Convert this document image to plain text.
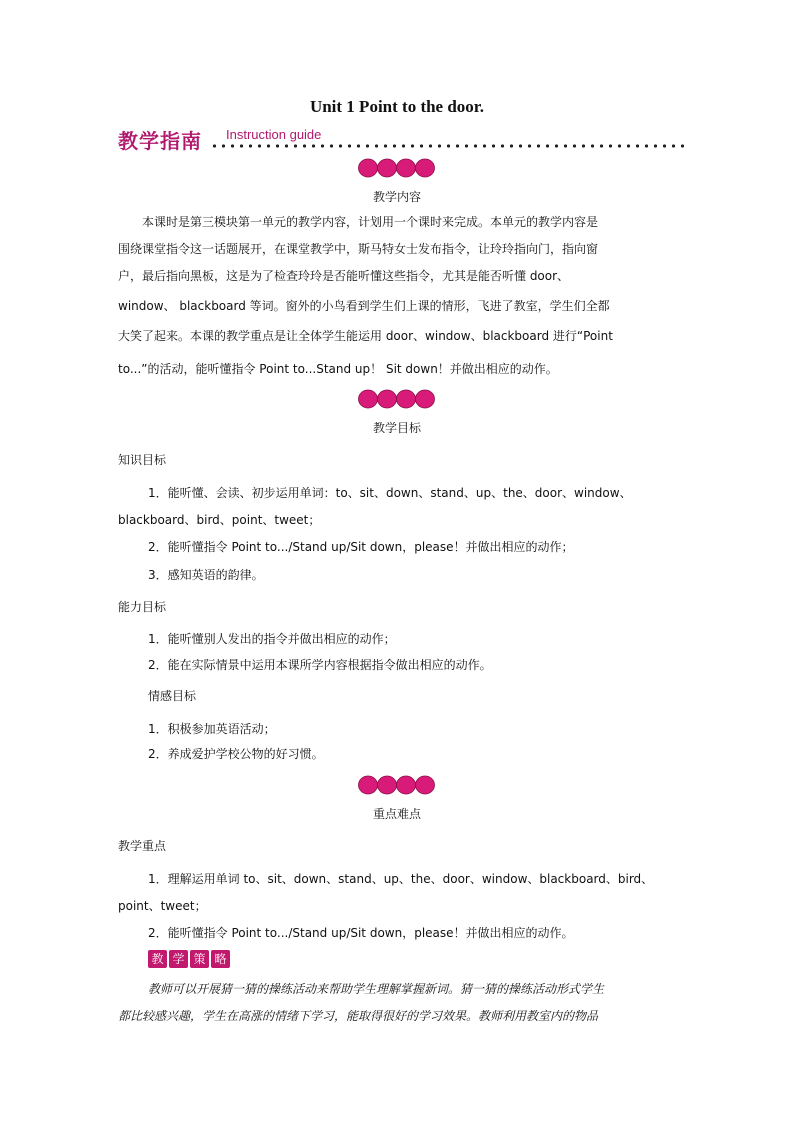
Unit 1 Point to the door.
教学指南 Instruction guide
教学内容
本课时是第三模块第一单元的教学内容，计划用一个课时来完成。本单元的教学内容是
围绕课堂指令这一话题展开，在课堂教学中，斯马特女士发布指令，让玲玲指向门，指向窗
户，最后指向黑板，这是为了检查玲玲是否能听懂这些指令，尤其是能否听懂 door、
window、 blackboard 等词。窗外的小鸟看到学生们上课的情形，飞进了教室，学生们全都
大笑了起来。本课的教学重点是让全体学生能运用 door、window、blackboard 进行“Point
to...”的活动，能听懂指令 Point to...Stand up！ Sit down！并做出相应的动作。
教学目标
知识目标
1．能听懂、会读、初步运用单词：to、sit、down、stand、up、the、door、window、
blackboard、bird、point、tweet；
2．能听懂指令 Point to.../Stand up/Sit down，please！并做出相应的动作；
3．感知英语的韵律。
能力目标
1．能听懂别人发出的指令并做出相应的动作；
2．能在实际情景中运用本课所学内容根据指令做出相应的动作。
情感目标
1．积极参加英语活动；
2．养成爱护学校公物的好习惯。
重点难点
教学重点
1．理解运用单词 to、sit、down、stand、up、the、door、window、blackboard、bird、
point、tweet；
2．能听懂指令 Point to.../Stand up/Sit down，please！并做出相应的动作。
教 学 策 略
教师可以开展猜一猜的操练活动来帮助学生理解掌握新词。猜一猜的操练活动形式学生
都比较感兴趣，学生在高涨的情绪下学习，能取得很好的学习效果。教师利用教室内的物品
